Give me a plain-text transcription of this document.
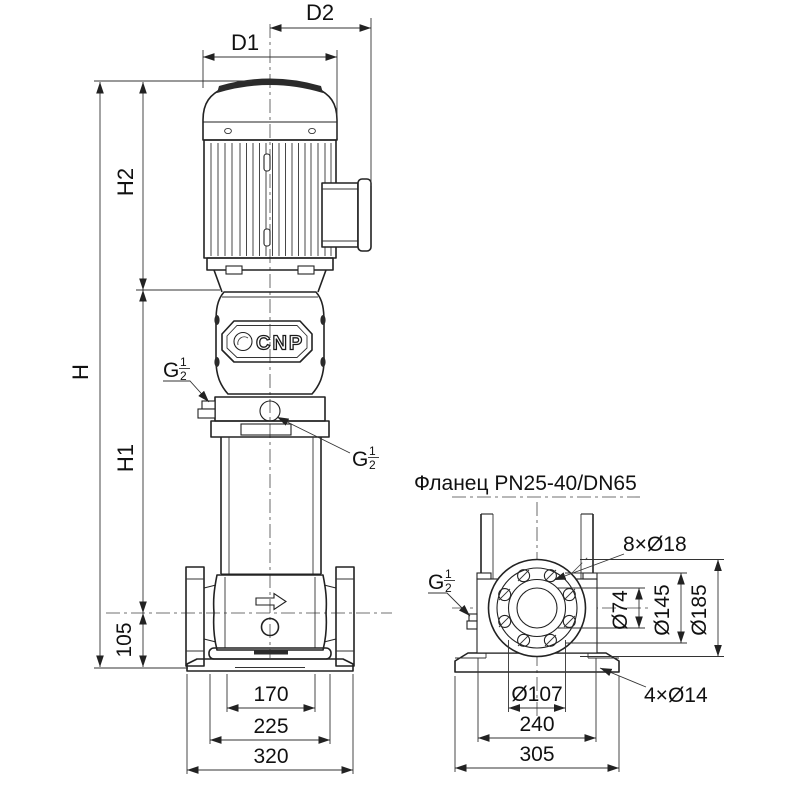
CNP
D2
D1
H2
H1
H
105
170
225
320
G 1
2
G 1
2
Фланец PN25-40/DN65
Ø74 Ø145 Ø185
Ø107
240
305
8×Ø18
4×Ø14
G 1
2
